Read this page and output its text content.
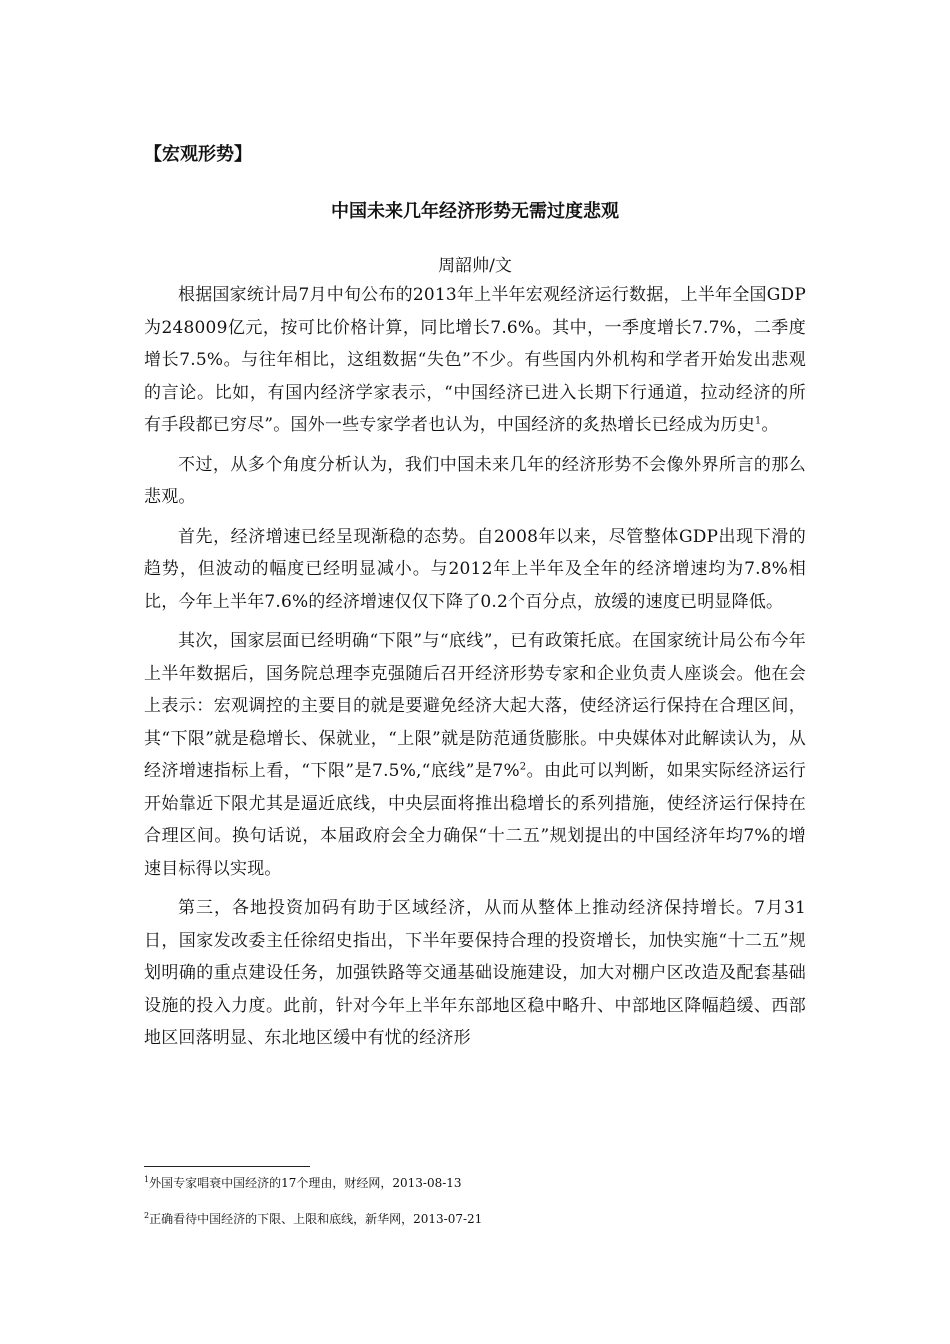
【宏观形势】
中国未来几年经济形势无需过度悲观
周韶帅/文

根据国家统计局7月中旬公布的2013年上半年宏观经济运行数据，上半年全国GDP为248009亿元，按可比价格计算，同比增长7.6%。其中，一季度增长7.7%，二季度增长7.5%。与往年相比，这组数据“失色”不少。有些国内外机构和学者开始发出悲观的言论。比如，有国内经济学家表示，“中国经济已进入长期下行通道，拉动经济的所有手段都已穷尽”。国外一些专家学者也认为，中国经济的炙热增长已经成为历史$^1$。

不过，从多个角度分析认为，我们中国未来几年的经济形势不会像外界所言的那么悲观。

首先，经济增速已经呈现渐稳的态势。自2008年以来，尽管整体GDP出现下滑的趋势，但波动的幅度已经明显减小。与2012年上半年及全年的经济增速均为7.8%相比，今年上半年7.6%的经济增速仅仅下降了0.2个百分点，放缓的速度已明显降低。

其次，国家层面已经明确“下限”与“底线”，已有政策托底。在国家统计局公布今年上半年数据后，国务院总理李克强随后召开经济形势专家和企业负责人座谈会。他在会上表示：宏观调控的主要目的就是要避免经济大起大落，使经济运行保持在合理区间，其“下限”就是稳增长、保就业，“上限”就是防范通货膨胀。中央媒体对此解读认为，从经济增速指标上看，“下限”是7.5%,“底线”是7%$^2$。由此可以判断，如果实际经济运行开始靠近下限尤其是逼近底线，中央层面将推出稳增长的系列措施，使经济运行保持在合理区间。换句话说，本届政府会全力确保“十二五”规划提出的中国经济年均7%的增速目标得以实现。

第三，各地投资加码有助于区域经济，从而从整体上推动经济保持增长。7月31日，国家发改委主任徐绍史指出，下半年要保持合理的投资增长，加快实施“十二五”规划明确的重点建设任务，加强铁路等交通基础设施建设，加大对棚户区改造及配套基础设施的投入力度。此前，针对今年上半年东部地区稳中略升、中部地区降幅趋缓、西部地区回落明显、东北地区缓中有忧的经济形

$^1$外国专家唱衰中国经济的17个理由，财经网，2013-08-13
$^2$正确看待中国经济的下限、上限和底线，新华网，2013-07-21
